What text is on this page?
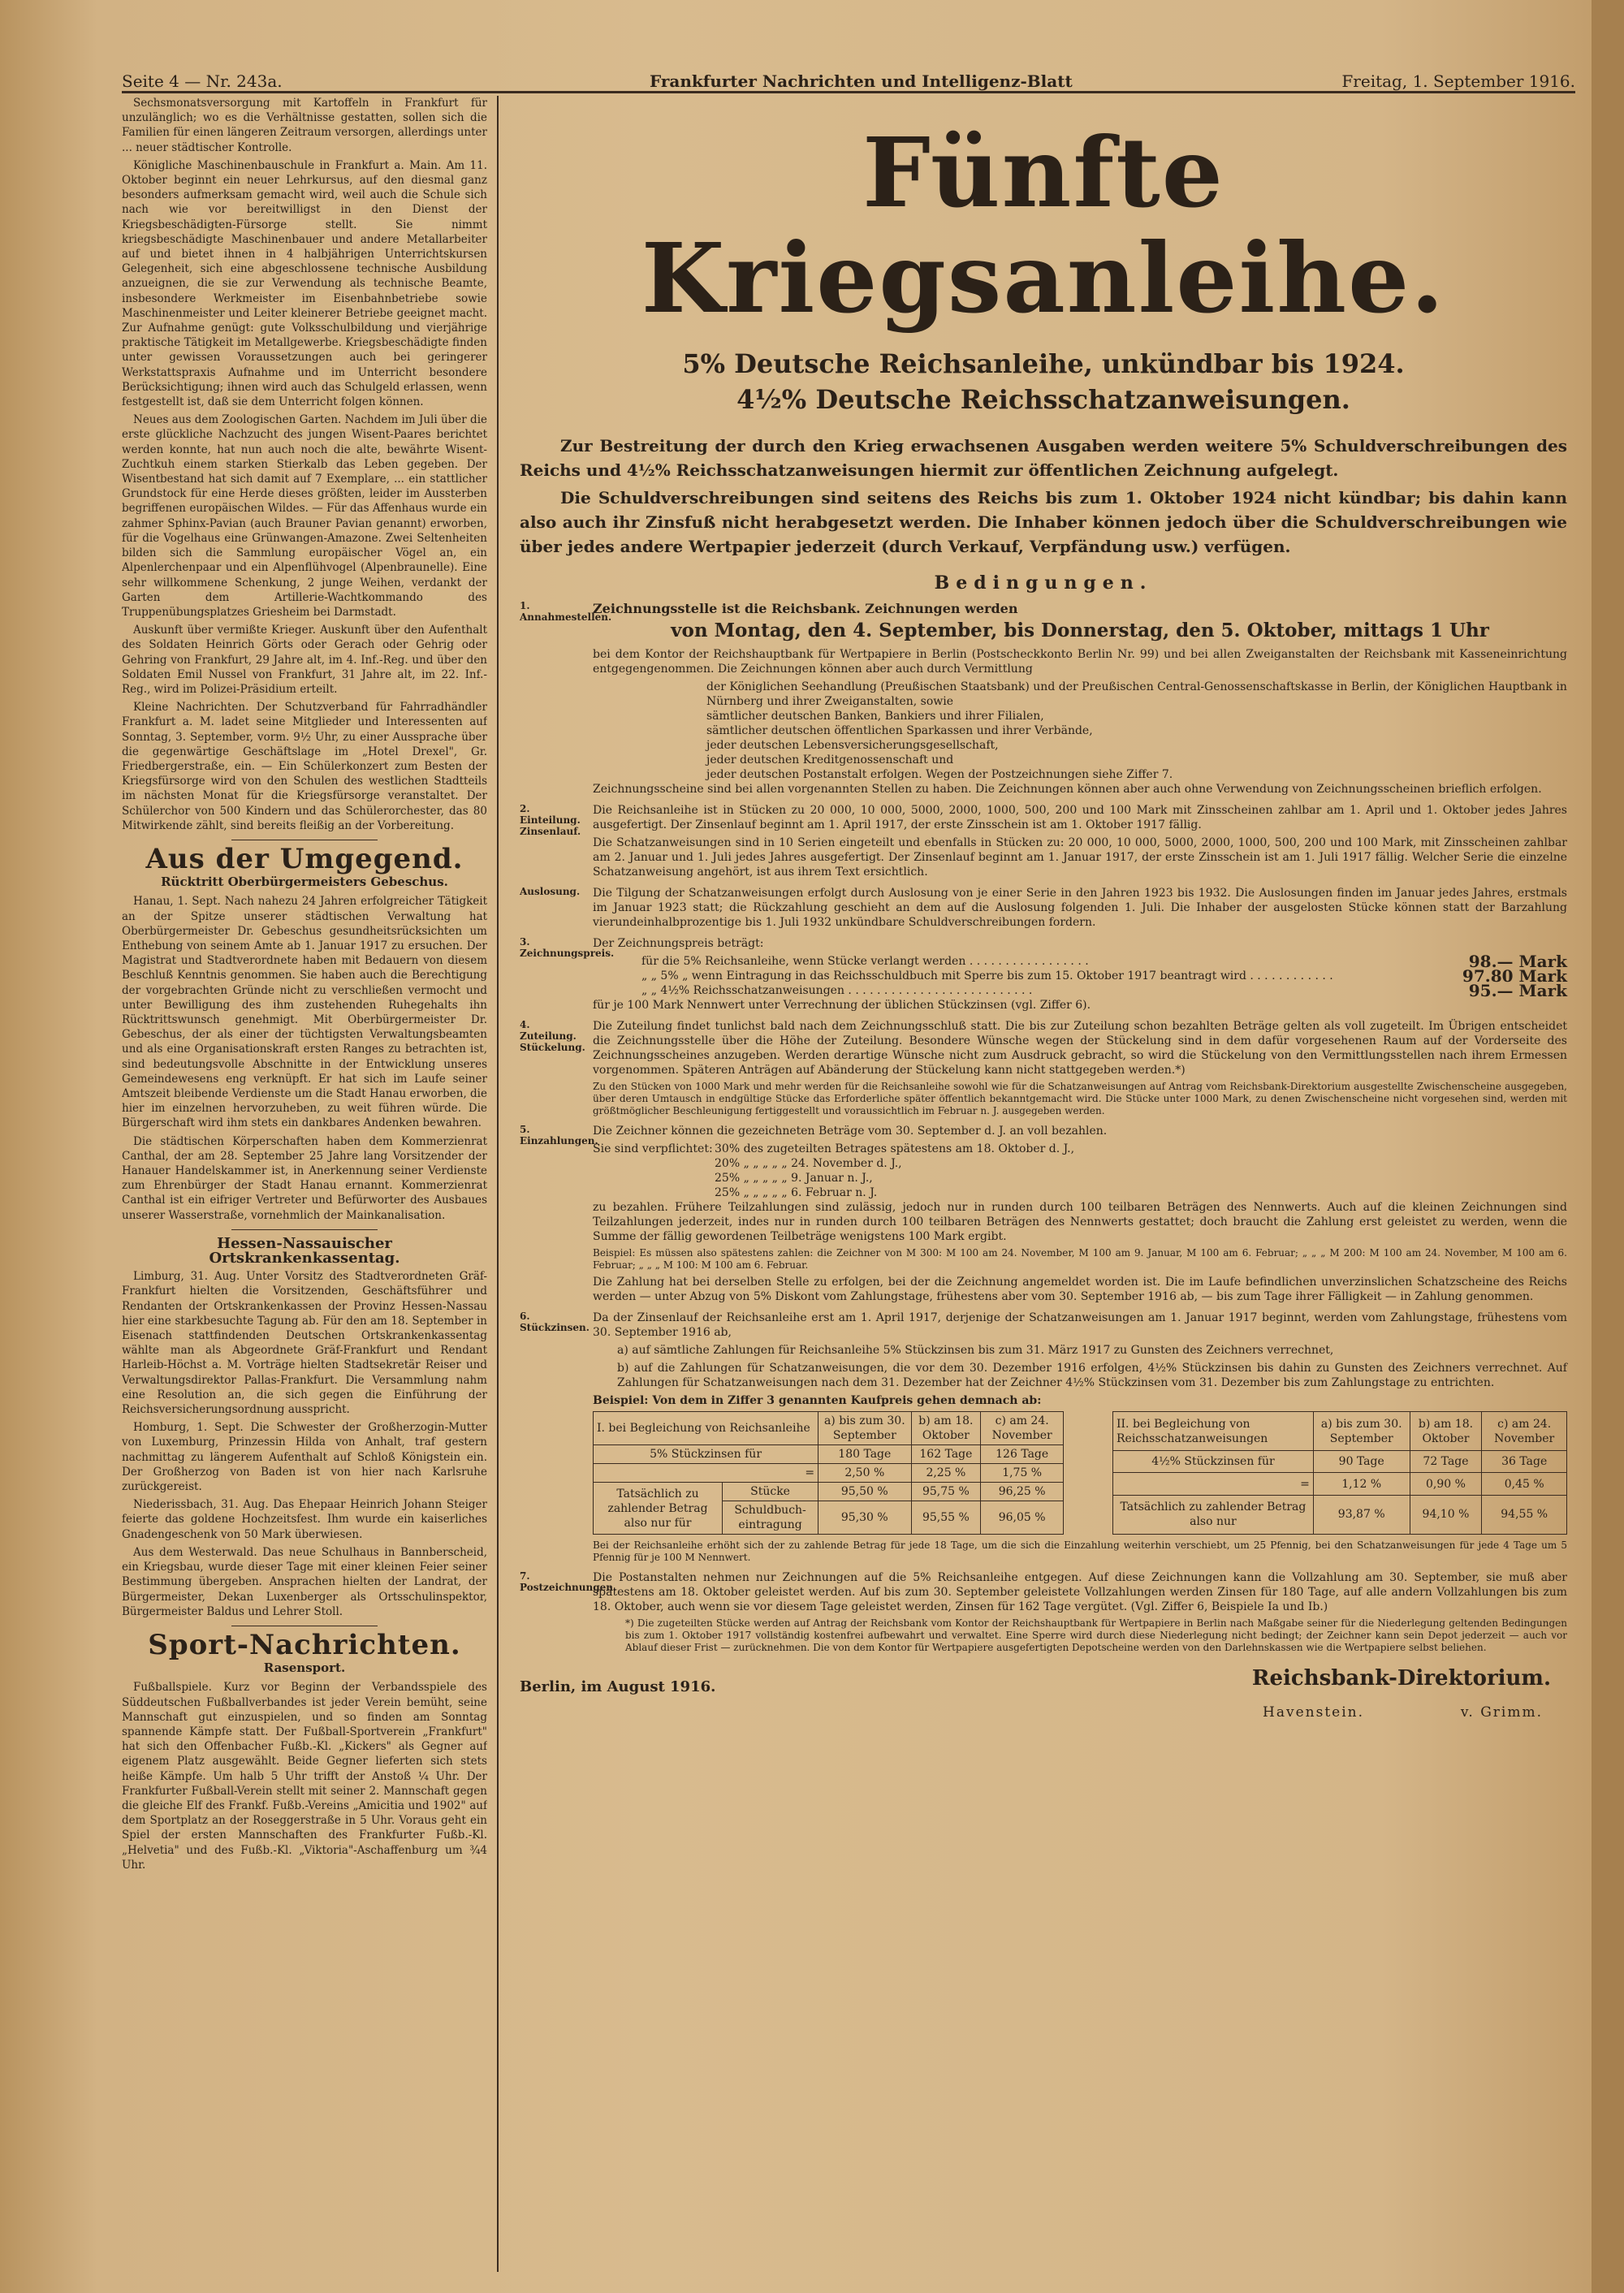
Seite 4 — Nr. 243a.	Frankfurter Nachrichten und Intelligenz-Blatt	Freitag, 1. September 1916.

Sechsmonatsversorgung mit Kartoffeln in Frankfurt für unzulänglich; wo es die Verhältnisse gestatten, sollen sich die Familien für einen längeren Zeitraum versorgen, allerdings unter ... neuer städtischer Kontrolle.

Königliche Maschinenbauschule in Frankfurt a. Main. Am 11. Oktober beginnt ein neuer Lehrkursus, auf den diesmal ganz besonders aufmerksam gemacht wird, weil auch die Schule sich nach wie vor bereitwilligst in den Dienst der Kriegsbeschädigten-Fürsorge stellt. Sie nimmt kriegsbeschädigte Maschinenbauer und andere Metallarbeiter auf und bietet ihnen in 4 halbjährigen Unterrichtskursen Gelegenheit, sich eine abgeschlossene technische Ausbildung anzueignen, die sie zur Verwendung als technische Beamte, insbesondere Werkmeister im Eisenbahnbetriebe sowie Maschinenmeister und Leiter kleinerer Betriebe geeignet macht. Zur Aufnahme genügt: gute Volksschulbildung und vierjährige praktische Tätigkeit im Metallgewerbe. Kriegsbeschädigte finden unter gewissen Voraussetzungen auch bei geringerer Werkstattspraxis Aufnahme und im Unterricht besondere Berücksichtigung; ihnen wird auch das Schulgeld erlassen, wenn festgestellt ist, daß sie dem Unterricht folgen können.

Neues aus dem Zoologischen Garten. Nachdem im Juli über die erste glückliche Nachzucht des jungen Wisent-Paares berichtet werden konnte, hat nun auch noch die alte, bewährte Wisent-Zuchtkuh einem starken Stierkalb das Leben gegeben. Der Wisentbestand hat sich damit auf 7 Exemplare, ... ein stattlicher Grundstock für eine Herde dieses größten, leider im Aussterben begriffenen europäischen Wildes. — Für das Affenhaus wurde ein zahmer Sphinx-Pavian (auch Brauner Pavian genannt) erworben, für die Vogelhaus eine Grünwangen-Amazone. Zwei Seltenheiten bilden sich die Sammlung europäischer Vögel an, ein Alpenlerchenpaar und ein Alpenflühvogel (Alpenbraunelle). Eine sehr willkommene Schenkung, 2 junge Weihen, verdankt der Garten dem Artillerie-Wachtkommando des Truppenübungsplatzes Griesheim bei Darmstadt.

Auskunft über vermißte Krieger. Auskunft über den Aufenthalt des Soldaten Heinrich Görts oder Gerach oder Gehrig oder Gehring von Frankfurt, 29 Jahre alt, im 4. Inf.-Reg. und über den Soldaten Emil Nussel von Frankfurt, 31 Jahre alt, im 22. Inf.-Reg., wird im Polizei-Präsidium erteilt.

Kleine Nachrichten. Der Schutzverband für Fahrradhändler Frankfurt a. M. ladet seine Mitglieder und Interessenten auf Sonntag, 3. September, vorm. 9½ Uhr, zu einer Aussprache über die gegenwärtige Geschäftslage im „Hotel Drexel", Gr. Friedbergerstraße, ein. — Ein Schülerkonzert zum Besten der Kriegsfürsorge wird von den Schulen des westlichen Stadtteils im nächsten Monat für die Kriegsfürsorge veranstaltet. Der Schülerchor von 500 Kindern und das Schülerorchester, das 80 Mitwirkende zählt, sind bereits fleißig an der Vorbereitung.

Aus der Umgegend.
Rücktritt Oberbürgermeisters Gebeschus.

Hanau, 1. Sept. Nach nahezu 24 Jahren erfolgreicher Tätigkeit an der Spitze unserer städtischen Verwaltung hat Oberbürgermeister Dr. Gebeschus gesundheitsrücksichten um Enthebung von seinem Amte ab 1. Januar 1917 zu ersuchen. Der Magistrat und Stadtverordnete haben mit Bedauern von diesem Beschluß Kenntnis genommen. Sie haben auch die Berechtigung der vorgebrachten Gründe nicht zu verschließen vermocht und unter Bewilligung des ihm zustehenden Ruhegehalts ihn Rücktrittswunsch genehmigt. Mit Oberbürgermeister Dr. Gebeschus, der als einer der tüchtigsten Verwaltungsbeamten und als eine Organisationskraft ersten Ranges zu betrachten ist, sind bedeutungsvolle Abschnitte in der Entwicklung unseres Gemeindewesens eng verknüpft. Er hat sich im Laufe seiner Amtszeit bleibende Verdienste um die Stadt Hanau erworben, die hier im einzelnen hervorzuheben, zu weit führen würde. Die Bürgerschaft wird ihm stets ein dankbares Andenken bewahren.

Die städtischen Körperschaften haben dem Kommerzienrat Canthal, der am 28. September 25 Jahre lang Vorsitzender der Hanauer Handelskammer ist, in Anerkennung seiner Verdienste zum Ehrenbürger der Stadt Hanau ernannt. Kommerzienrat Canthal ist ein eifriger Vertreter und Befürworter des Ausbaues unserer Wasserstraße, vornehmlich der Mainkanalisation.

Hessen-Nassauischer Ortskrankenkassentag.

Limburg, 31. Aug. Unter Vorsitz des Stadtverordneten Gräf-Frankfurt hielten die Vorsitzenden, Geschäftsführer und Rendanten der Ortskrankenkassen der Provinz Hessen-Nassau hier eine starkbesuchte Tagung ab. Für den am 18. September in Eisenach stattfindenden Deutschen Ortskrankenkassentag wählte man als Abgeordnete Gräf-Frankfurt und Rendant Harleib-Höchst a. M. Vorträge hielten Stadtsekretär Reiser und Verwaltungsdirektor Pallas-Frankfurt. Die Versammlung nahm eine Resolution an, die sich gegen die Einführung der Reichsversicherungsordnung ausspricht.

Homburg, 1. Sept. Die Schwester der Großherzogin-Mutter von Luxemburg, Prinzessin Hilda von Anhalt, traf gestern nachmittag zu längerem Aufenthalt auf Schloß Königstein ein. Der Großherzog von Baden ist von hier nach Karlsruhe zurückgereist.

Niederissbach, 31. Aug. Das Ehepaar Heinrich Johann Steiger feierte das goldene Hochzeitsfest. Ihm wurde ein kaiserliches Gnadengeschenk von 50 Mark überwiesen.

Aus dem Westerwald. Das neue Schulhaus in Bannberscheid, ein Kriegsbau, wurde dieser Tage mit einer kleinen Feier seiner Bestimmung übergeben. Ansprachen hielten der Landrat, der Bürgermeister, Dekan Luxenberger als Ortsschulinspektor, Bürgermeister Baldus und Lehrer Stoll.

Sport-Nachrichten.
Rasensport.

Fußballspiele. Kurz vor Beginn der Verbandsspiele des Süddeutschen Fußballverbandes ist jeder Verein bemüht, seine Mannschaft gut einzuspielen, und so finden am Sonntag spannende Kämpfe statt. Der Fußball-Sportverein „Frankfurt" hat sich den Offenbacher Fußb.-Kl. „Kickers" als Gegner auf eigenem Platz ausgewählt. Beide Gegner lieferten sich stets heiße Kämpfe. Um halb 5 Uhr trifft der Anstoß ¼ Uhr. Der Frankfurter Fußball-Verein stellt mit seiner 2. Mannschaft gegen die gleiche Elf des Frankf. Fußb.-Vereins „Amicitia und 1902" auf dem Sportplatz an der Roseggerstraße in 5 Uhr. Voraus geht ein Spiel der ersten Mannschaften des Frankfurter Fußb.-Kl. „Helvetia" und des Fußb.-Kl. „Viktoria"-Aschaffenburg um ¾4 Uhr.

Fünfte Kriegsanleihe.
5% Deutsche Reichsanleihe, unkündbar bis 1924.
4½% Deutsche Reichsschatzanweisungen.

Zur Bestreitung der durch den Krieg erwachsenen Ausgaben werden weitere 5% Schuldverschreibungen des Reichs und 4½% Reichsschatzanweisungen hiermit zur öffentlichen Zeichnung aufgelegt.

Die Schuldverschreibungen sind seitens des Reichs bis zum 1. Oktober 1924 nicht kündbar; bis dahin kann also auch ihr Zinsfuß nicht herabgesetzt werden. Die Inhaber können jedoch über die Schuldverschreibungen wie über jedes andere Wertpapier jederzeit (durch Verkauf, Verpfändung usw.) verfügen.

Bedingungen.
1. Annahmestellen.

Zeichnungsstelle ist die Reichsbank. Zeichnungen werden

von Montag, den 4. September, bis Donnerstag, den 5. Oktober, mittags 1 Uhr

bei dem Kontor der Reichshauptbank für Wertpapiere in Berlin (Postscheckkonto Berlin Nr. 99) und bei allen Zweiganstalten der Reichsbank mit Kasseneinrichtung entgegengenommen. Die Zeichnungen können aber auch durch Vermittlung

der Königlichen Seehandlung (Preußischen Staatsbank) und der Preußischen Central-Genossenschaftskasse in Berlin, der Königlichen Hauptbank in Nürnberg und ihrer Zweiganstalten, sowie
sämtlicher deutschen Banken, Bankiers und ihrer Filialen,
sämtlicher deutschen öffentlichen Sparkassen und ihrer Verbände,
jeder deutschen Lebensversicherungsgesellschaft,
jeder deutschen Kreditgenossenschaft und
jeder deutschen Postanstalt erfolgen. Wegen der Postzeichnungen siehe Ziffer 7.

Zeichnungsscheine sind bei allen vorgenannten Stellen zu haben. Die Zeichnungen können aber auch ohne Verwendung von Zeichnungsscheinen brieflich erfolgen.

2. Einteilung. Zinsenlauf.

Die Reichsanleihe ist in Stücken zu 20 000, 10 000, 5000, 2000, 1000, 500, 200 und 100 Mark mit Zinsscheinen zahlbar am 1. April und 1. Oktober jedes Jahres ausgefertigt. Der Zinsenlauf beginnt am 1. April 1917, der erste Zinsschein ist am 1. Oktober 1917 fällig.

Die Schatzanweisungen sind in 10 Serien eingeteilt und ebenfalls in Stücken zu: 20 000, 10 000, 5000, 2000, 1000, 500, 200 und 100 Mark, mit Zinsscheinen zahlbar am 2. Januar und 1. Juli jedes Jahres ausgefertigt. Der Zinsenlauf beginnt am 1. Januar 1917, der erste Zinsschein ist am 1. Juli 1917 fällig. Welcher Serie die einzelne Schatzanweisung angehört, ist aus ihrem Text ersichtlich.

Auslosung.	Die Tilgung der Schatzanweisungen erfolgt durch Auslosung von je einer Serie in den Jahren 1923 bis 1932. Die Auslosungen finden im Januar jedes Jahres, erstmals im Januar 1923 statt; die Rückzahlung geschieht an dem auf die Auslosung folgenden 1. Juli. Die Inhaber der ausgelosten Stücke können statt der Barzahlung vierundeinhalbprozentige bis 1. Juli 1932 unkündbare Schuldverschreibungen fordern.

3. Zeichnungspreis.

Der Zeichnungspreis beträgt:

für die 5% Reichsanleihe, wenn Stücke verlangt werden . . . . . . . . . . . . . . . . .	98.— Mark
„ „ 5% „ wenn Eintragung in das Reichsschuldbuch mit Sperre bis zum 15. Oktober 1917 beantragt wird . . . . . . . . . . . .	97.80 Mark
„ „ 4½% Reichsschatzanweisungen . . . . . . . . . . . . . . . . . . . . . . . . . .	95.— Mark

für je 100 Mark Nennwert unter Verrechnung der üblichen Stückzinsen (vgl. Ziffer 6).

4. Zuteilung. Stückelung.

Die Zuteilung findet tunlichst bald nach dem Zeichnungsschluß statt. Die bis zur Zuteilung schon bezahlten Beträge gelten als voll zugeteilt. Im Übrigen entscheidet die Zeichnungsstelle über die Höhe der Zuteilung. Besondere Wünsche wegen der Stückelung sind in dem dafür vorgesehenen Raum auf der Vorderseite des Zeichnungsscheines anzugeben. Werden derartige Wünsche nicht zum Ausdruck gebracht, so wird die Stückelung von den Vermittlungsstellen nach ihrem Ermessen vorgenommen. Späteren Anträgen auf Abänderung der Stückelung kann nicht stattgegeben werden.*)

Zu den Stücken von 1000 Mark und mehr werden für die Reichsanleihe sowohl wie für die Schatzanweisungen auf Antrag vom Reichsbank-Direktorium ausgestellte Zwischenscheine ausgegeben, über deren Umtausch in endgültige Stücke das Erforderliche später öffentlich bekanntgemacht wird. Die Stücke unter 1000 Mark, zu denen Zwischenscheine nicht vorgesehen sind, werden mit größtmöglicher Beschleunigung fertiggestellt und voraussichtlich im Februar n. J. ausgegeben werden.

5. Einzahlungen.

Die Zeichner können die gezeichneten Beträge vom 30. September d. J. an voll bezahlen.

Sie sind verpflichtet: 30% des zugeteilten Betrages spätestens am 18. Oktober d. J.,
20% „ „ „ „ „ 24. November d. J.,
25% „ „ „ „ „ 9. Januar n. J.,
25% „ „ „ „ „ 6. Februar n. J.

zu bezahlen. Frühere Teilzahlungen sind zulässig, jedoch nur in runden durch 100 teilbaren Beträgen des Nennwerts. Auch auf die kleinen Zeichnungen sind Teilzahlungen jederzeit, indes nur in runden durch 100 teilbaren Beträgen des Nennwerts gestattet; doch braucht die Zahlung erst geleistet zu werden, wenn die Summe der fällig gewordenen Teilbeträge wenigstens 100 Mark ergibt.

Beispiel: Es müssen also spätestens zahlen: die Zeichner von M 300: M 100 am 24. November, M 100 am 9. Januar, M 100 am 6. Februar; „ „ „ M 200: M 100 am 24. November, M 100 am 6. Februar; „ „ „ M 100: M 100 am 6. Februar.

Die Zahlung hat bei derselben Stelle zu erfolgen, bei der die Zeichnung angemeldet worden ist. Die im Laufe befindlichen unverzinslichen Schatzscheine des Reichs werden — unter Abzug von 5% Diskont vom Zahlungstage, frühestens aber vom 30. September 1916 ab, — bis zum Tage ihrer Fälligkeit — in Zahlung genommen.

6. Stückzinsen.

Da der Zinsenlauf der Reichsanleihe erst am 1. April 1917, derjenige der Schatzanweisungen am 1. Januar 1917 beginnt, werden vom Zahlungstage, frühestens vom 30. September 1916 ab,

a) auf sämtliche Zahlungen für Reichsanleihe 5% Stückzinsen bis zum 31. März 1917 zu Gunsten des Zeichners verrechnet,

b) auf die Zahlungen für Schatzanweisungen, die vor dem 30. Dezember 1916 erfolgen, 4½% Stückzinsen bis dahin zu Gunsten des Zeichners verrechnet. Auf Zahlungen für Schatzanweisungen nach dem 31. Dezember hat der Zeichner 4½% Stückzinsen vom 31. Dezember bis zum Zahlungstage zu entrichten.

Beispiel: Von dem in Ziffer 3 genannten Kaufpreis gehen demnach ab:

I. bei Begleichung von Reichsanleihe		a) bis zum 30. September	b) am 18. Oktober	c) am 24. November
5% Stückzinsen für		180 Tage	162 Tage	126 Tage
=		2,50 %	2,25 %	1,75 %
Tatsächlich zu zahlender Betrag also nur für	Stücke	95,50 %	95,75 %	96,25 %
	Schuldbuch-eintragung	95,30 %	95,55 %	96,05 %
II. bei Begleichung von Reichsschatzanweisungen	a) bis zum 30. September	b) am 18. Oktober	c) am 24. November
4½% Stückzinsen für	90 Tage	72 Tage	36 Tage
=	1,12 %	0,90 %	0,45 %
Tatsächlich zu zahlender Betrag also nur	93,87 %	94,10 %	94,55 %

Bei der Reichsanleihe erhöht sich der zu zahlende Betrag für jede 18 Tage, um die sich die Einzahlung weiterhin verschiebt, um 25 Pfennig, bei den Schatzanweisungen für jede 4 Tage um 5 Pfennig für je 100 M Nennwert.

7. Postzeichnungen.

Die Postanstalten nehmen nur Zeichnungen auf die 5% Reichsanleihe entgegen. Auf diese Zeichnungen kann die Vollzahlung am 30. September, sie muß aber spätestens am 18. Oktober geleistet werden. Auf bis zum 30. September geleistete Vollzahlungen werden Zinsen für 180 Tage, auf alle andern Vollzahlungen bis zum 18. Oktober, auch wenn sie vor diesem Tage geleistet werden, Zinsen für 162 Tage vergütet. (Vgl. Ziffer 6, Beispiele Ia und Ib.)

*) Die zugeteilten Stücke werden auf Antrag der Reichsbank vom Kontor der Reichshauptbank für Wertpapiere in Berlin nach Maßgabe seiner für die Niederlegung geltenden Bedingungen bis zum 1. Oktober 1917 vollständig kostenfrei aufbewahrt und verwaltet. Eine Sperre wird durch diese Niederlegung nicht bedingt; der Zeichner kann sein Depot jederzeit — auch vor Ablauf dieser Frist — zurücknehmen. Die von dem Kontor für Wertpapiere ausgefertigten Depotscheine werden von den Darlehnskassen wie die Wertpapiere selbst beliehen.

Berlin, im August 1916.	Reichsbank-Direktorium.
Havenstein.	v. Grimm.
